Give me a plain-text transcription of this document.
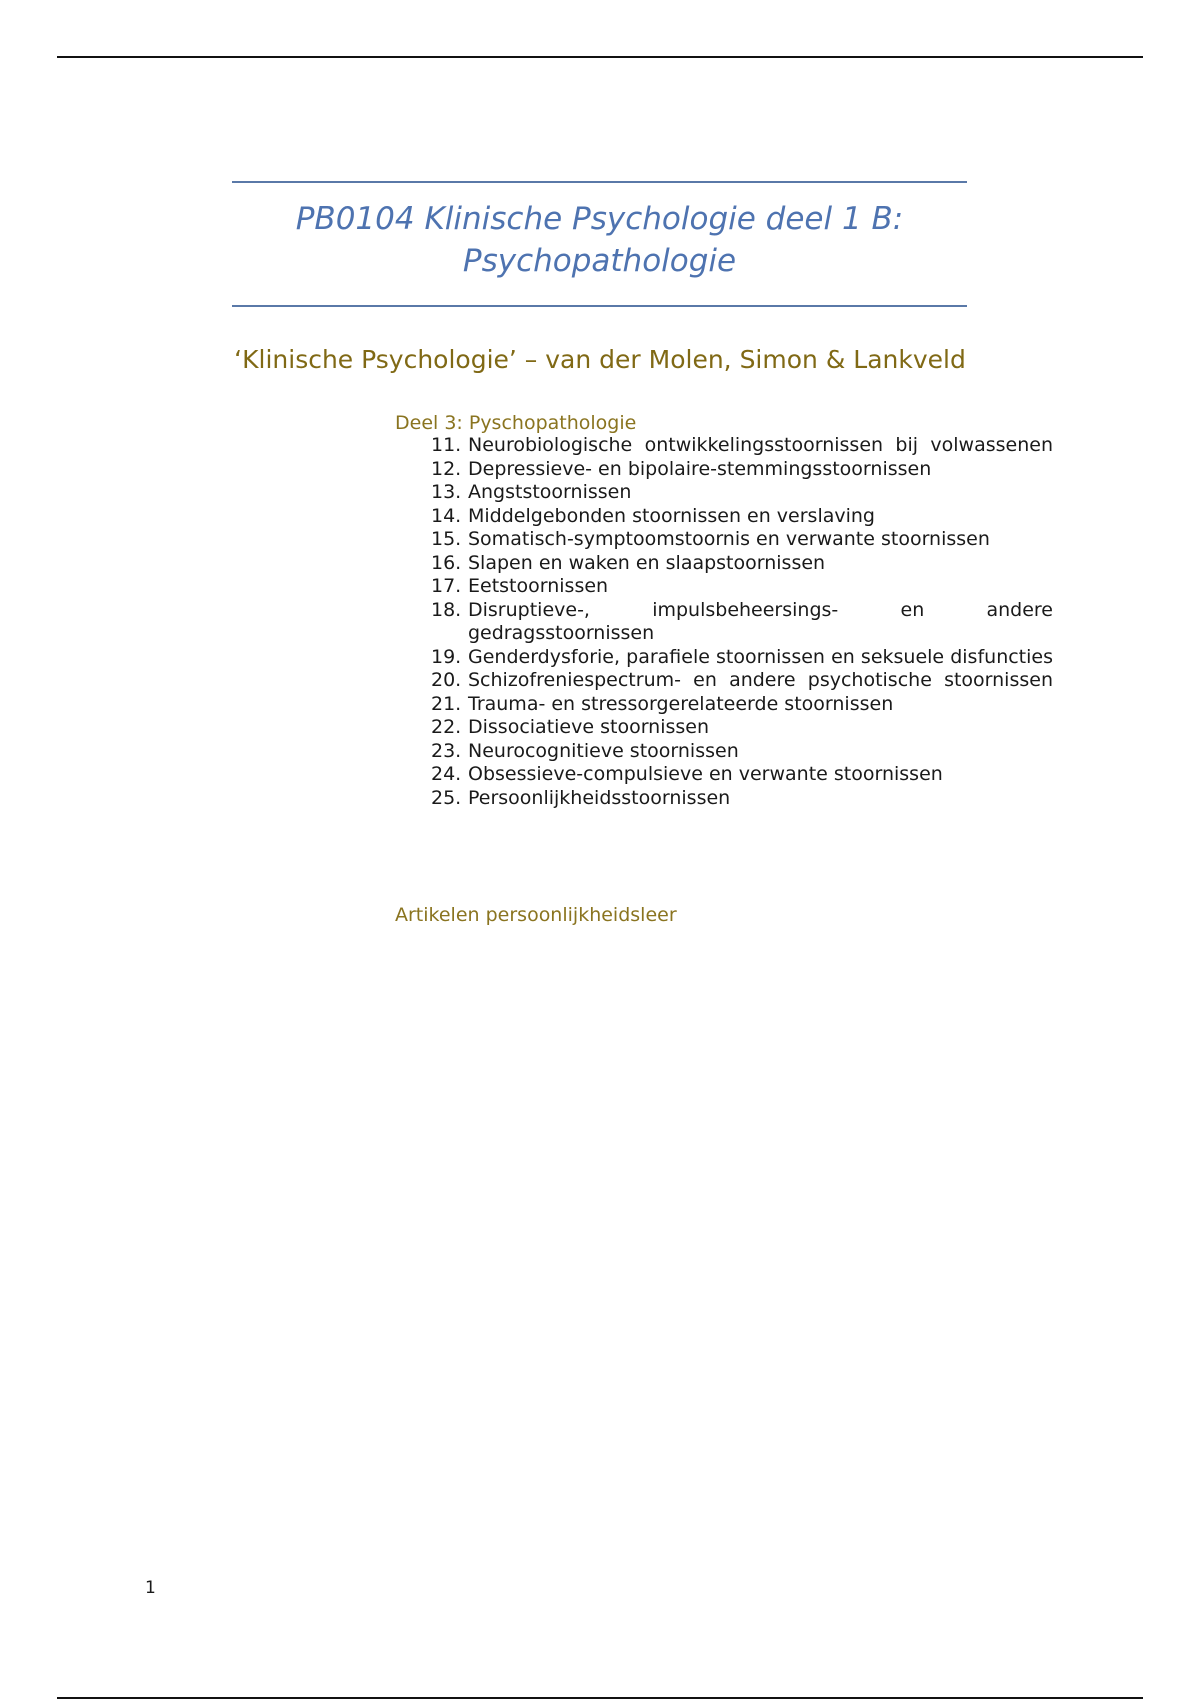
PB0104 Klinische Psychologie deel 1 B: Psychopathologie
‘Klinische Psychologie’ – van der Molen, Simon & Lankveld
Deel 3: Pyschopathologie
11. Neurobiologische ontwikkelingsstoornissen bij volwassenen
12. Depressieve- en bipolaire-stemmingsstoornissen
13. Angststoornissen
14. Middelgebonden stoornissen en verslaving
15. Somatisch-symptoomstoornis en verwante stoornissen
16. Slapen en waken en slaapstoornissen
17. Eetstoornissen
18. Disruptieve-, impulsbeheersings- en andere gedragsstoornissen
19. Genderdysforie, parafiele stoornissen en seksuele disfuncties
20. Schizofreniespectrum- en andere psychotische stoornissen
21. Trauma- en stressorgerelateerde stoornissen
22. Dissociatieve stoornissen
23. Neurocognitieve stoornissen
24. Obsessieve-compulsieve en verwante stoornissen
25. Persoonlijkheidsstoornissen
Artikelen persoonlijkheidsleer
1
